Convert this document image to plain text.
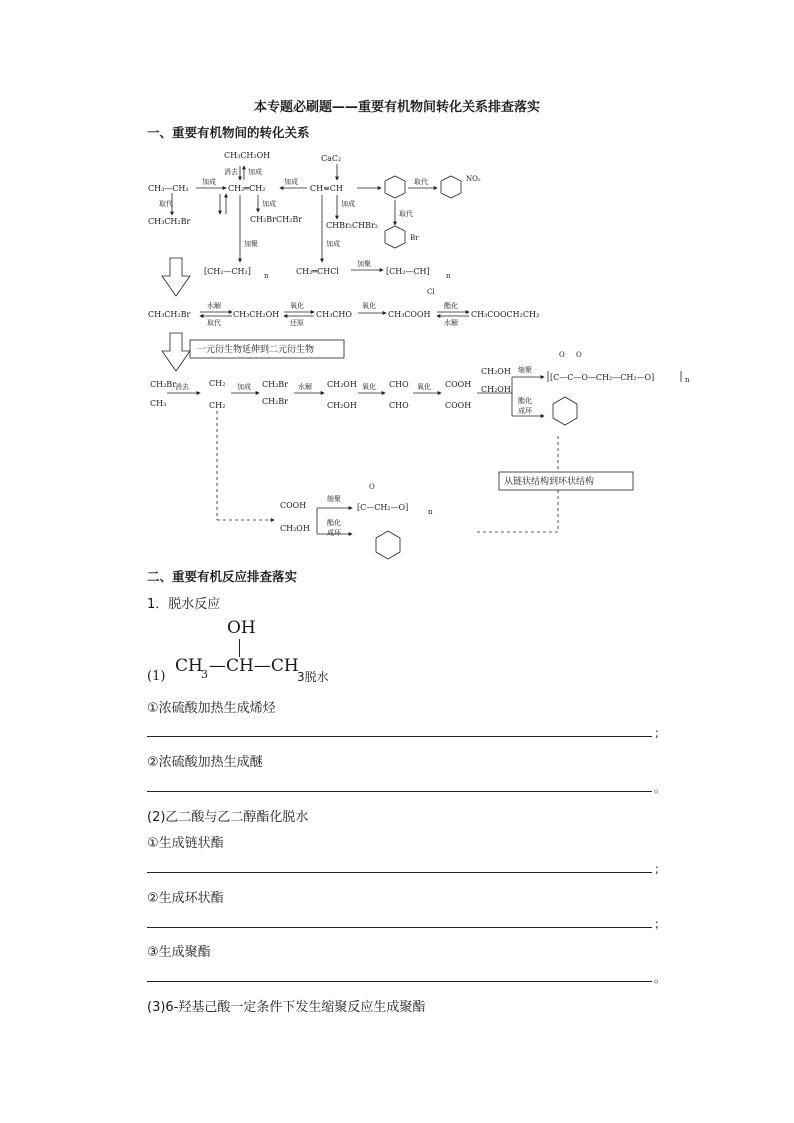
本专题必刷题——重要有机物间转化关系排查落实
一、重要有机物间的转化关系
CH₃CH₂OH
消去 加成
CH₃—CH₃
加成
CH₂═CH₂
加成
CH≡CH
CaC₂
取代	NO₂
取代
CH₃CH₂Br
加成
CH₂BrCH₂Br
加成
CHBr₂CHBr₂
取代
Br
加聚	加成
[CH₂—CH₂] n	CH₂═CHCl
加聚
[CH₂—CH] n
Cl
CH₃CH₂Br
水解
取代
CH₃CH₂OH
氧化
还原
CH₃CHO
氧化
CH₃COOH
酯化
水解
CH₃COOCH₂CH₃
一元衍生物延伸到二元衍生物
CH₂Br
CH₃
消去	CH₂
CH₂
加成 CH₂Br
CH₂Br
水解 CH₂OH
CH₂OH
氧化 CHO
CHO
氧化 COOH
COOH
CH₂OH
CH₂OH
缩聚
酯化
成环
[C—C—O—CH₂—CH₂—O]
O O
n
从链状结构到环状结构
COOH
CH₂OH
缩聚
酯化
成环
[C—CH₂—O]
O
n
二、重要有机反应排查落实
1．脱水反应
OH
(1)
CH
3 —CH—CH
3脱水
①浓硫酸加热生成烯烃
；
②浓硫酸加热生成醚
。
(2)乙二酸与乙二醇酯化脱水
①生成链状酯
；
②生成环状酯
；
③生成聚酯
。
(3)6-羟基己酸一定条件下发生缩聚反应生成聚酯
